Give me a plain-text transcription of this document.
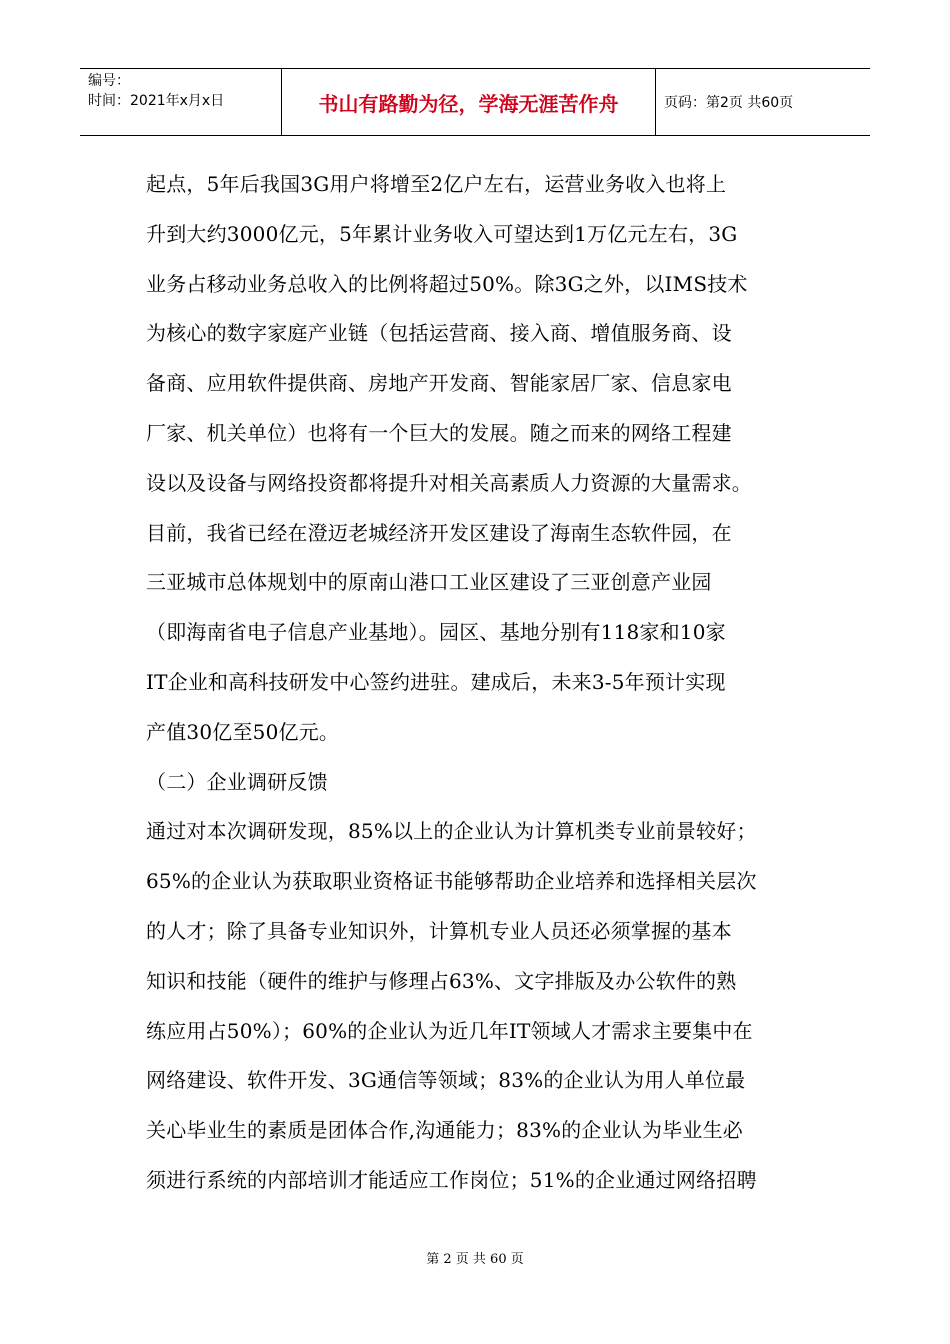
编号：
时间：2021年x月x日	书山有路勤为径，学海无涯苦作舟	页码：第2页 共60页
起点，5年后我国3G用户将增至2亿户左右，运营业务收入也将上
升到大约3000亿元，5年累计业务收入可望达到1万亿元左右，3G
业务占移动业务总收入的比例将超过50%。除3G之外，以IMS技术
为核心的数字家庭产业链（包括运营商、接入商、增值服务商、设
备商、应用软件提供商、房地产开发商、智能家居厂家、信息家电
厂家、机关单位）也将有一个巨大的发展。随之而来的网络工程建
设以及设备与网络投资都将提升对相关高素质人力资源的大量需求。
目前，我省已经在澄迈老城经济开发区建设了海南生态软件园，在
三亚城市总体规划中的原南山港口工业区建设了三亚创意产业园
（即海南省电子信息产业基地）。园区、基地分别有118家和10家
IT企业和高科技研发中心签约进驻。建成后，未来3-5年预计实现
产值30亿至50亿元。
（二）企业调研反馈
通过对本次调研发现，85%以上的企业认为计算机类专业前景较好；
65%的企业认为获取职业资格证书能够帮助企业培养和选择相关层次
的人才；除了具备专业知识外，计算机专业人员还必须掌握的基本
知识和技能（硬件的维护与修理占63%、文字排版及办公软件的熟
练应用占50%）；60%的企业认为近几年IT领域人才需求主要集中在
网络建设、软件开发、3G通信等领域；83%的企业认为用人单位最
关心毕业生的素质是团体合作,沟通能力；83%的企业认为毕业生必
须进行系统的内部培训才能适应工作岗位；51%的企业通过网络招聘
第 2 页 共 60 页
